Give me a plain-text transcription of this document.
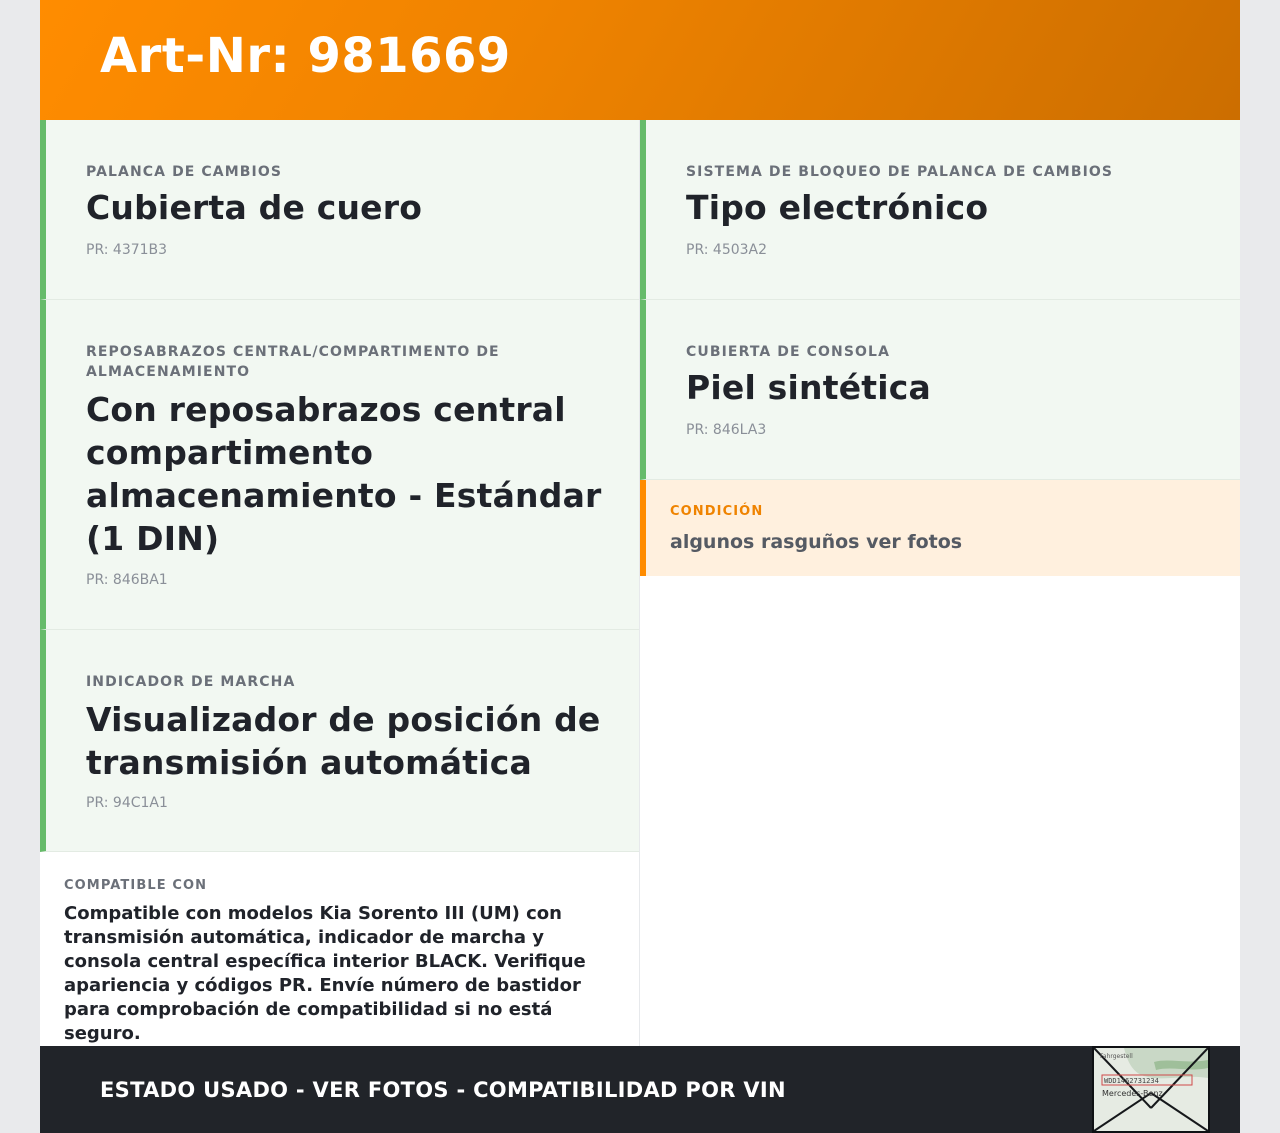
Art-Nr: 981669
PALANCA DE CAMBIOS
Cubierta de cuero
PR: 4371B3
REPOSABRAZOS CENTRAL/COMPARTIMENTO DE ALMACENAMIENTO
Con reposabrazos central compartimento almacenamiento - Estándar (1 DIN)
PR: 846BA1
INDICADOR DE MARCHA
Visualizador de posición de transmisión automática
PR: 94C1A1
COMPATIBLE CON
Compatible con modelos Kia Sorento III (UM) con transmisión automática, indicador de marcha y consola central específica interior BLACK. Verifique apariencia y códigos PR. Envíe número de bastidor para comprobación de compatibilidad si no está seguro.
SISTEMA DE BLOQUEO DE PALANCA DE CAMBIOS
Tipo electrónico
PR: 4503A2
CUBIERTA DE CONSOLA
Piel sintética
PR: 846LA3
CONDICIÓN
algunos rasguños ver fotos
ESTADO USADO - VER FOTOS - COMPATIBILIDAD POR VIN
Fahrgestell
WDD1462731234
Mercedes-Benz
